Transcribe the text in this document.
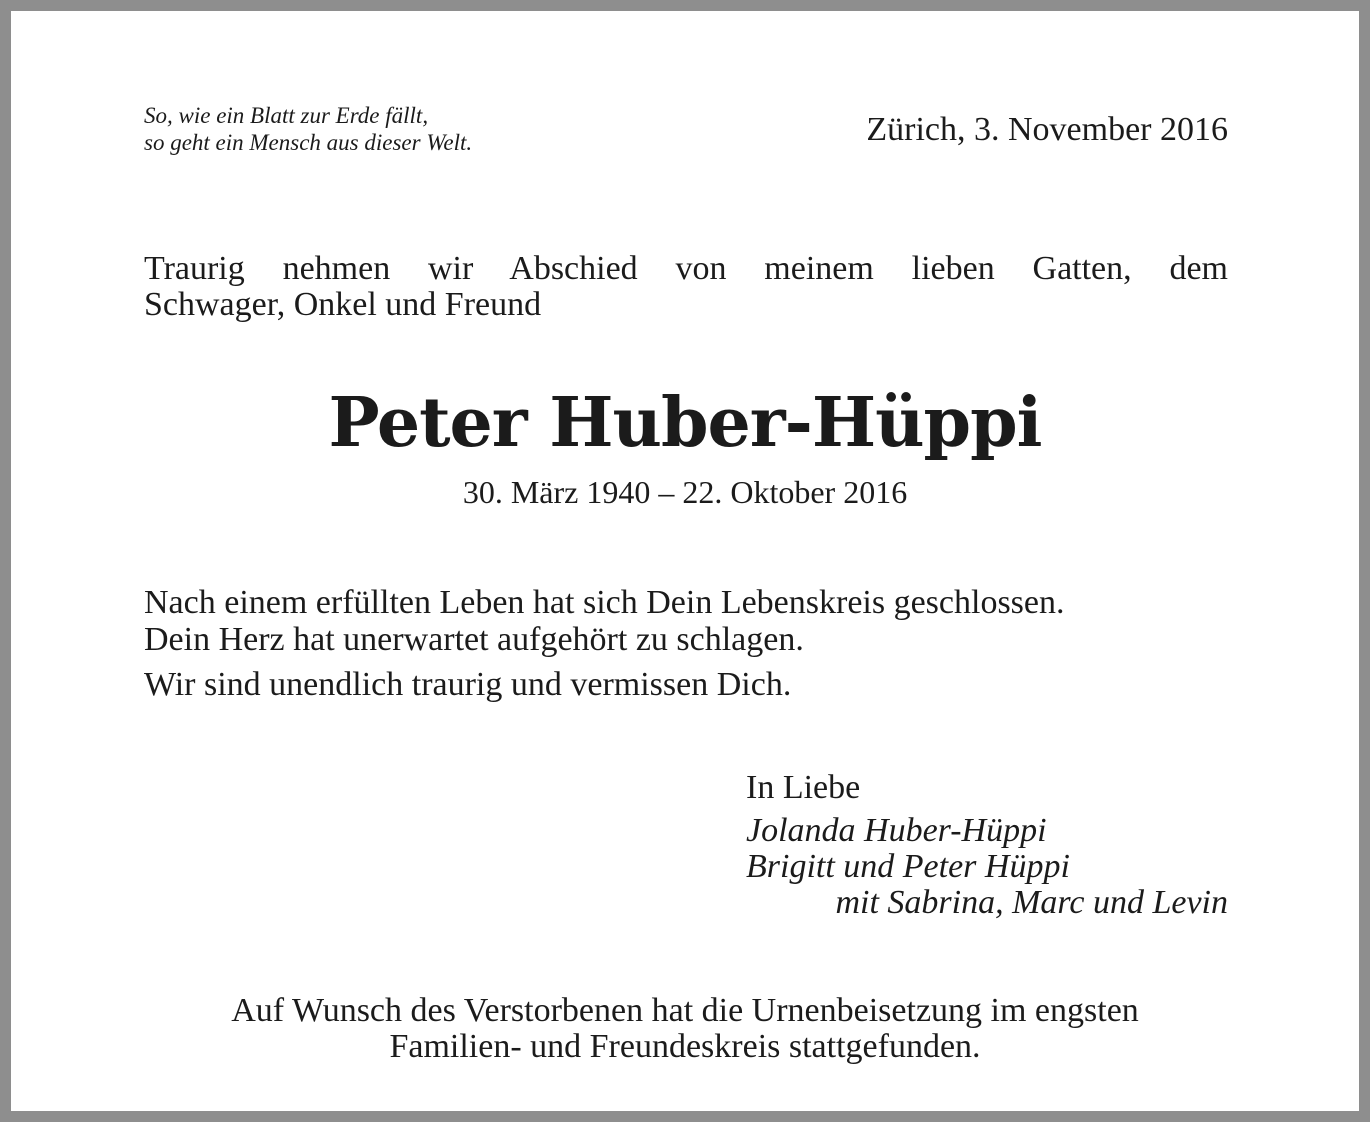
So, wie ein Blatt zur Erde fällt,
so geht ein Mensch aus dieser Welt.	Zürich, 3. November 2016

Traurig nehmen wir Abschied von meinem lieben Gatten, dem
Schwager, Onkel und Freund

Peter Huber-Hüppi

30. März 1940 – 22. Oktober 2016

Nach einem erfüllten Leben hat sich Dein Lebenskreis geschlossen.
Dein Herz hat unerwartet aufgehört zu schlagen.
Wir sind unendlich traurig und vermissen Dich.

In Liebe

Jolanda Huber-Hüppi
Brigitt und Peter Hüppi
mit Sabrina, Marc und Levin

Auf Wunsch des Verstorbenen hat die Urnenbeisetzung im engsten
Familien- und Freundeskreis stattgefunden.
